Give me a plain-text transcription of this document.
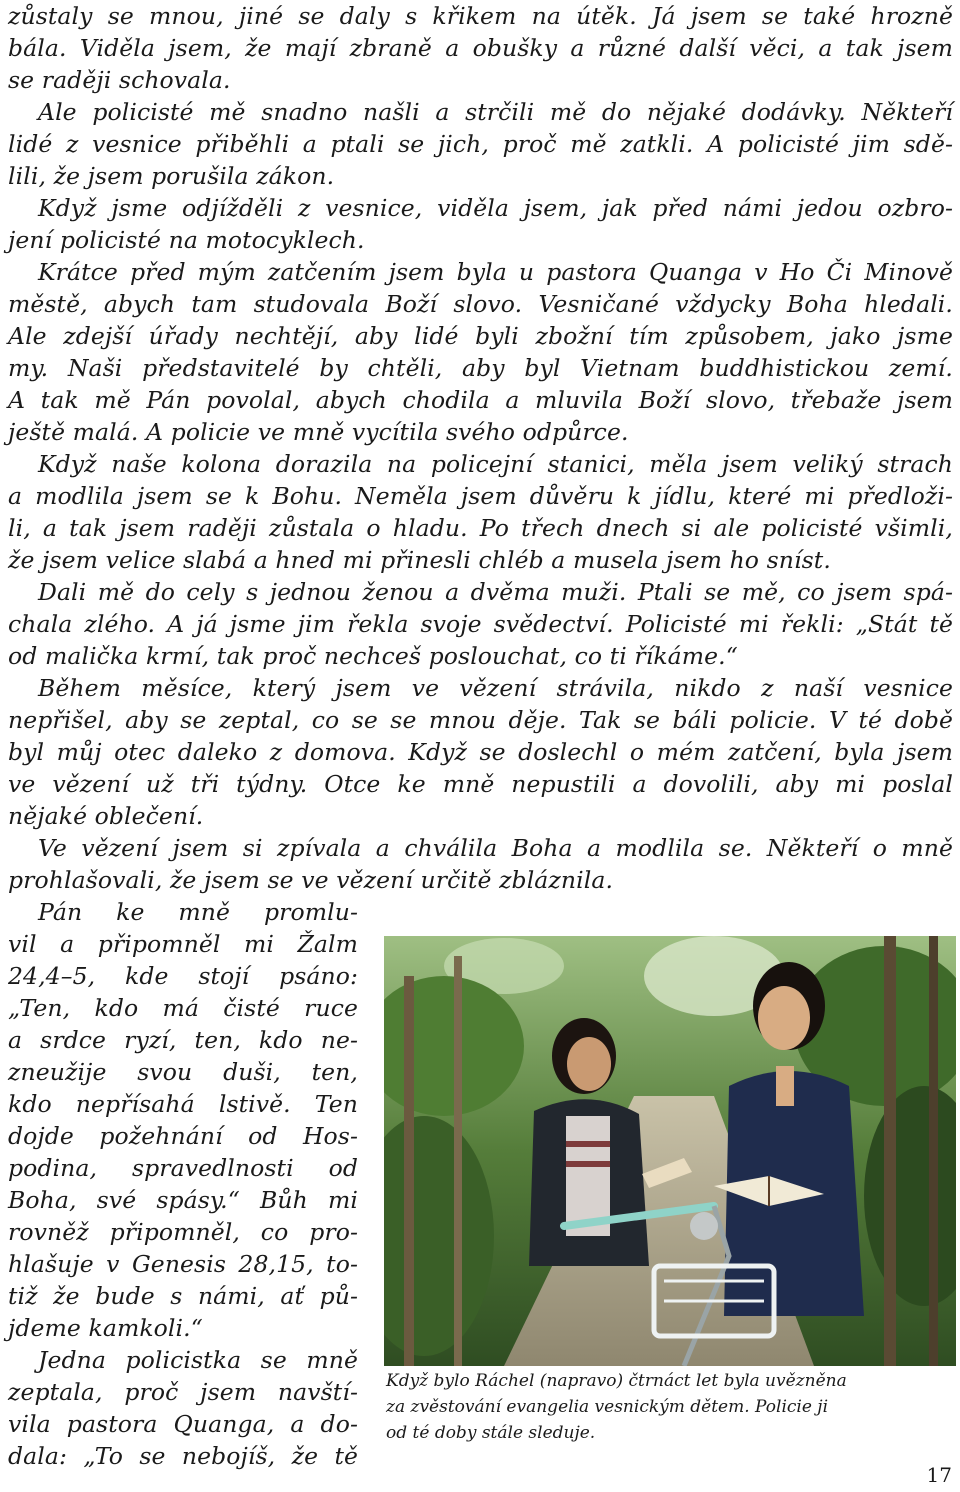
zůstaly se mnou, jiné se daly s křikem na útěk. Já jsem se také hrozně
bála. Viděla jsem, že mají zbraně a obušky a různé další věci, a tak jsem
se raději schovala.
Ale policisté mě snadno našli a strčili mě do nějaké dodávky. Někteří
lidé z vesnice přiběhli a ptali se jich, proč mě zatkli. A policisté jim sdě-
lili, že jsem porušila zákon.
Když jsme odjížděli z vesnice, viděla jsem, jak před námi jedou ozbro-
jení policisté na motocyklech.
Krátce před mým zatčením jsem byla u pastora Quanga v Ho Či Minově
městě, abych tam studovala Boží slovo. Vesničané vždycky Boha hledali.
Ale zdejší úřady nechtějí, aby lidé byli zbožní tím způsobem, jako jsme
my. Naši představitelé by chtěli, aby byl Vietnam buddhistickou zemí.
A tak mě Pán povolal, abych chodila a mluvila Boží slovo, třebaže jsem
ještě malá. A policie ve mně vycítila svého odpůrce.
Když naše kolona dorazila na policejní stanici, měla jsem veliký strach
a modlila jsem se k Bohu. Neměla jsem důvěru k jídlu, které mi předloži-
li, a tak jsem raději zůstala o hladu. Po třech dnech si ale policisté všimli,
že jsem velice slabá a hned mi přinesli chléb a musela jsem ho sníst.
Dali mě do cely s jednou ženou a dvěma muži. Ptali se mě, co jsem spá-
chala zlého. A já jsme jim řekla svoje svědectví. Policisté mi řekli: „Stát tě
od malička krmí, tak proč nechceš poslouchat, co ti říkáme.“
Během měsíce, který jsem ve vězení strávila, nikdo z naší vesnice
nepřišel, aby se zeptal, co se se mnou děje. Tak se báli policie. V té době
byl můj otec daleko z domova. Když se doslechl o mém zatčení, byla jsem
ve vězení už tři týdny. Otce ke mně nepustili a dovolili, aby mi poslal
nějaké oblečení.
Ve vězení jsem si zpívala a chválila Boha a modlila se. Někteří o mně
prohlašovali, že jsem se ve vězení určitě zbláznila.
Pán ke mně promlu-
vil a připomněl mi Žalm
24,4–5, kde stojí psáno:
„Ten, kdo má čisté ruce
a srdce ryzí, ten, kdo ne-
zneužije svou duši, ten,
kdo nepřísahá lstivě. Ten
dojde požehnání od Hos-
podina, spravedlnosti od
Boha, své spásy.“ Bůh mi
rovněž připomněl, co pro-
hlašuje v Genesis 28,15, to-
tiž že bude s námi, ať pů-
jdeme kamkoli.“
Jedna policistka se mně
zeptala, proč jsem navští-
vila pastora Quanga, a do-
dala: „To se nebojíš, že tě
Když bylo Ráchel (napravo) čtrnáct let byla uvězněna
za zvěstování evangelia vesnickým dětem. Policie ji
od té doby stále sleduje.
17
